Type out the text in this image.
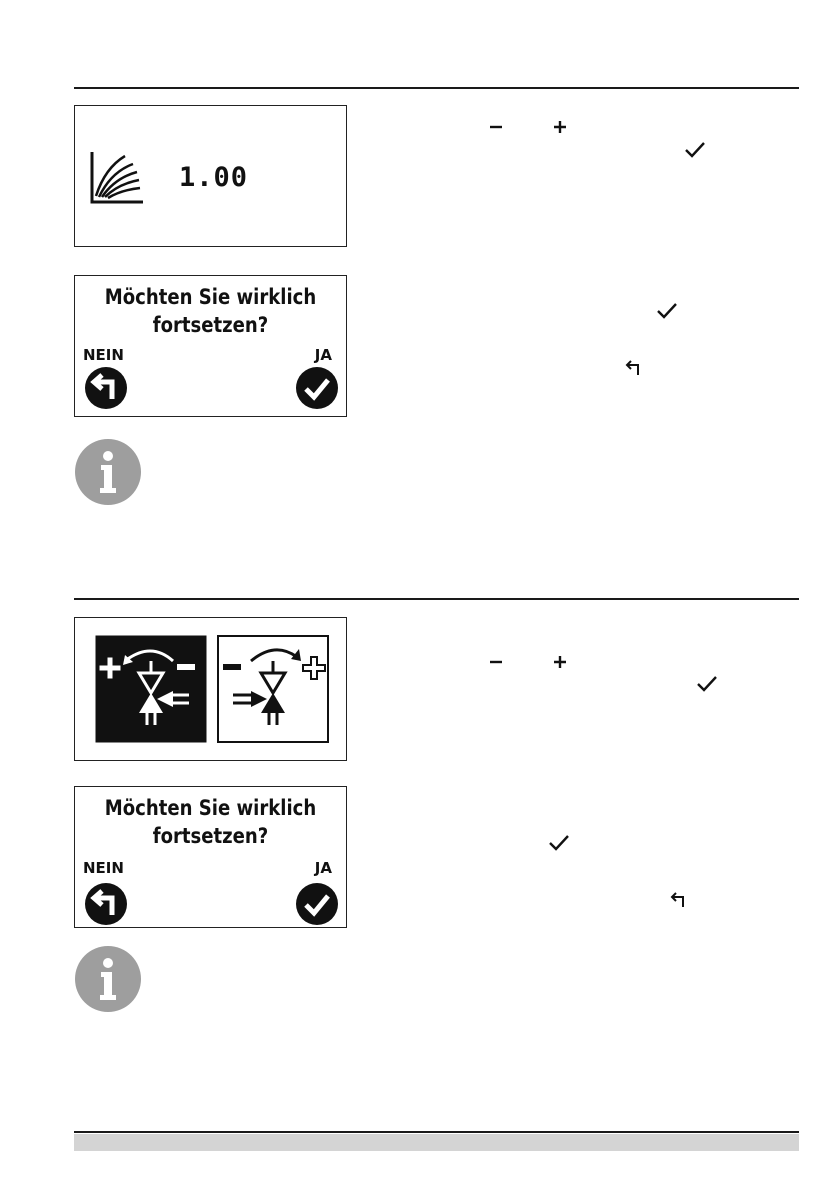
1.00
Möchten Sie wirklich
fortsetzen?
NEIN	JA
Möchten Sie wirklich
fortsetzen?
NEIN	JA
